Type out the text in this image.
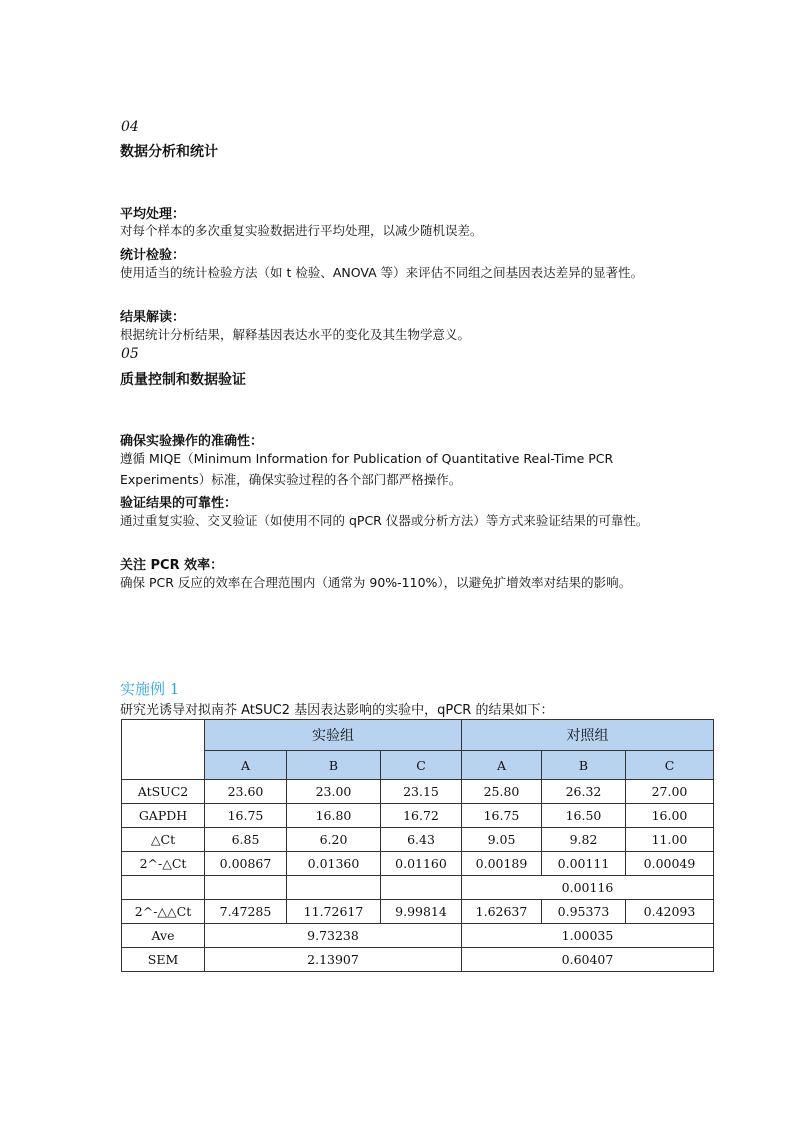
04
数据分析和统计
平均处理：
对每个样本的多次重复实验数据进行平均处理，以减少随机误差。
统计检验：
使用适当的统计检验方法（如 t 检验、ANOVA 等）来评估不同组之间基因表达差异的显著性。
结果解读：
根据统计分析结果，解释基因表达水平的变化及其生物学意义。
05
质量控制和数据验证
确保实验操作的准确性：
遵循 MIQE（Minimum Information for Publication of Quantitative Real-Time PCR Experiments）标准，确保实验过程的各个部门都严格操作。
验证结果的可靠性：
通过重复实验、交叉验证（如使用不同的 qPCR 仪器或分析方法）等方式来验证结果的可靠性。
关注 PCR 效率：
确保 PCR 反应的效率在合理范围内（通常为 90%-110%），以避免扩增效率对结果的影响。
实施例 1
研究光诱导对拟南芥 AtSUC2 基因表达影响的实验中，qPCR 的结果如下：
	实验组			对照组		
	A	B	C	A	B	C
AtSUC2	23.60	23.00	23.15	25.80	26.32	27.00
GAPDH	16.75	16.80	16.72	16.75	16.50	16.00
△Ct	6.85	6.20	6.43	9.05	9.82	11.00
2^-△Ct	0.00867	0.01360	0.01160	0.00189	0.00111	0.00049
				0.00116		
2^-△△Ct	7.47285	11.72617	9.99814	1.62637	0.95373	0.42093
Ave	9.73238			1.00035		
SEM	2.13907			0.60407		
